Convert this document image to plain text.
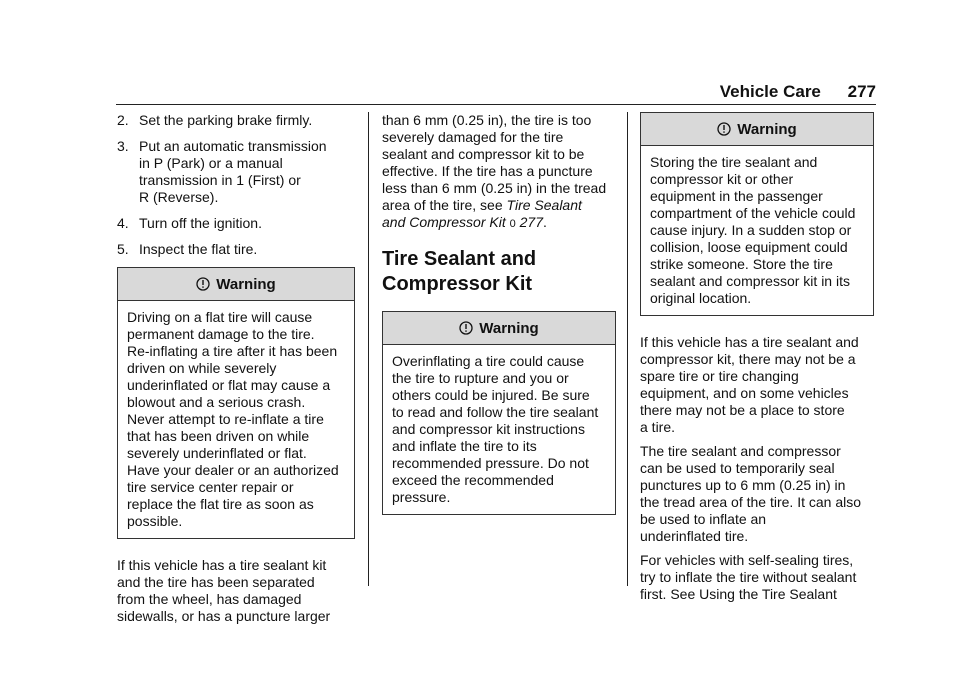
Vehicle Care 277
2. Set the parking brake firmly.
3. Put an automatic transmission
in P (Park) or a manual
transmission in 1 (First) or
R (Reverse).
4. Turn off the ignition.
5. Inspect the flat tire.
Warning
Driving on a flat tire will cause
permanent damage to the tire.
Re-inflating a tire after it has been
driven on while severely
underinflated or flat may cause a
blowout and a serious crash.
Never attempt to re-inflate a tire
that has been driven on while
severely underinflated or flat.
Have your dealer or an authorized
tire service center repair or
replace the flat tire as soon as
possible.
If this vehicle has a tire sealant kit
and the tire has been separated
from the wheel, has damaged
sidewalls, or has a puncture larger
than 6 mm (0.25 in), the tire is too
severely damaged for the tire
sealant and compressor kit to be
effective. If the tire has a puncture
less than 6 mm (0.25 in) in the tread
area of the tire, see Tire Sealant
and Compressor Kit 0 277.
Tire Sealant and
Compressor Kit
Warning
Overinflating a tire could cause
the tire to rupture and you or
others could be injured. Be sure
to read and follow the tire sealant
and compressor kit instructions
and inflate the tire to its
recommended pressure. Do not
exceed the recommended
pressure.
Warning
Storing the tire sealant and
compressor kit or other
equipment in the passenger
compartment of the vehicle could
cause injury. In a sudden stop or
collision, loose equipment could
strike someone. Store the tire
sealant and compressor kit in its
original location.
If this vehicle has a tire sealant and
compressor kit, there may not be a
spare tire or tire changing
equipment, and on some vehicles
there may not be a place to store
a tire.
The tire sealant and compressor
can be used to temporarily seal
punctures up to 6 mm (0.25 in) in
the tread area of the tire. It can also
be used to inflate an
underinflated tire.
For vehicles with self-sealing tires,
try to inflate the tire without sealant
first. See Using the Tire Sealant
